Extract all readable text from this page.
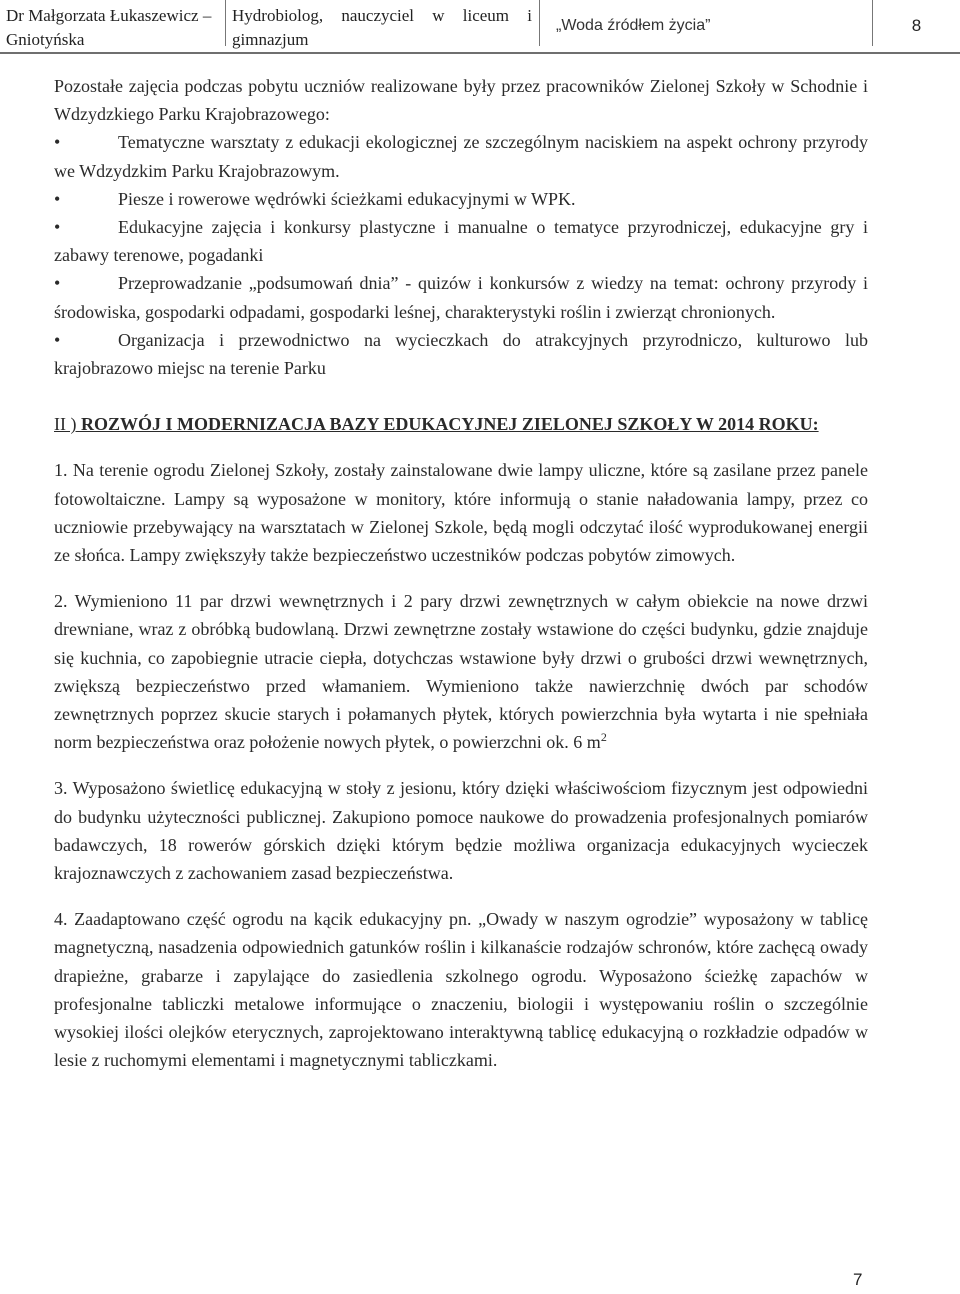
Dr Małgorzata Łukaszewicz –
Gniotyńska
Hydrobiolog, nauczyciel w liceum i
gimnazjum
„Woda źródłem życia”	8

Pozostałe zajęcia podczas pobytu uczniów realizowane były przez pracowników Zielonej Szkoły w Schodnie i Wdzydzkiego Parku Krajobrazowego:

•	Tematyczne warsztaty z edukacji ekologicznej ze szczególnym naciskiem na aspekt ochrony przyrody we Wdzydzkim Parku Krajobrazowym.

•	Piesze i rowerowe wędrówki ścieżkami edukacyjnymi w WPK.

•	Edukacyjne zajęcia i konkursy plastyczne i manualne o tematyce przyrodniczej, edukacyjne gry i zabawy terenowe, pogadanki

•	Przeprowadzanie „podsumowań dnia” - quizów i konkursów z wiedzy na temat: ochrony przyrody i środowiska, gospodarki odpadami, gospodarki leśnej, charakterystyki roślin i zwierząt chronionych.

•	Organizacja i przewodnictwo na wycieczkach do atrakcyjnych przyrodniczo, kulturowo lub krajobrazowo miejsc na terenie Parku

II ) ROZWÓJ I MODERNIZACJA BAZY EDUKACYJNEJ ZIELONEJ SZKOŁY W 2014 ROKU:

1. Na terenie ogrodu Zielonej Szkoły, zostały zainstalowane dwie lampy uliczne, które są zasilane przez panele fotowoltaiczne. Lampy są wyposażone w monitory, które informują o stanie naładowania lampy, przez co uczniowie przebywający na warsztatach w Zielonej Szkole, będą mogli odczytać ilość wyprodukowanej energii ze słońca. Lampy zwiększyły także bezpieczeństwo uczestników podczas pobytów zimowych.

2. Wymieniono 11 par drzwi wewnętrznych i 2 pary drzwi zewnętrznych w całym obiekcie na nowe drzwi drewniane, wraz z obróbką budowlaną. Drzwi zewnętrzne zostały wstawione do części budynku, gdzie znajduje się kuchnia, co zapobiegnie utracie ciepła, dotychczas wstawione były drzwi o grubości drzwi wewnętrznych, zwiększą bezpieczeństwo przed włamaniem. Wymieniono także nawierzchnię dwóch par schodów zewnętrznych poprzez skucie starych i połamanych płytek, których powierzchnia była wytarta i nie spełniała norm bezpieczeństwa oraz położenie nowych płytek, o powierzchni ok. 6 $m^2$

3. Wyposażono świetlicę edukacyjną w stoły z jesionu, który dzięki właściwościom fizycznym jest odpowiedni do budynku użyteczności publicznej. Zakupiono pomoce naukowe do prowadzenia profesjonalnych pomiarów badawczych, 18 rowerów górskich dzięki którym będzie możliwa organizacja edukacyjnych wycieczek krajoznawczych z zachowaniem zasad bezpieczeństwa.

4. Zaadaptowano część ogrodu na kącik edukacyjny pn. „Owady w naszym ogrodzie” wyposażony w tablicę magnetyczną, nasadzenia odpowiednich gatunków roślin i kilkanaście rodzajów schronów, które zachęcą owady drapieżne, grabarze i zapylające do zasiedlenia szkolnego ogrodu. Wyposażono ścieżkę zapachów w profesjonalne tabliczki metalowe informujące o znaczeniu, biologii i występowaniu roślin o szczególnie wysokiej ilości olejków eterycznych, zaprojektowano interaktywną tablicę edukacyjną o rozkładzie odpadów w lesie z ruchomymi elementami i magnetycznymi tabliczkami.

7
